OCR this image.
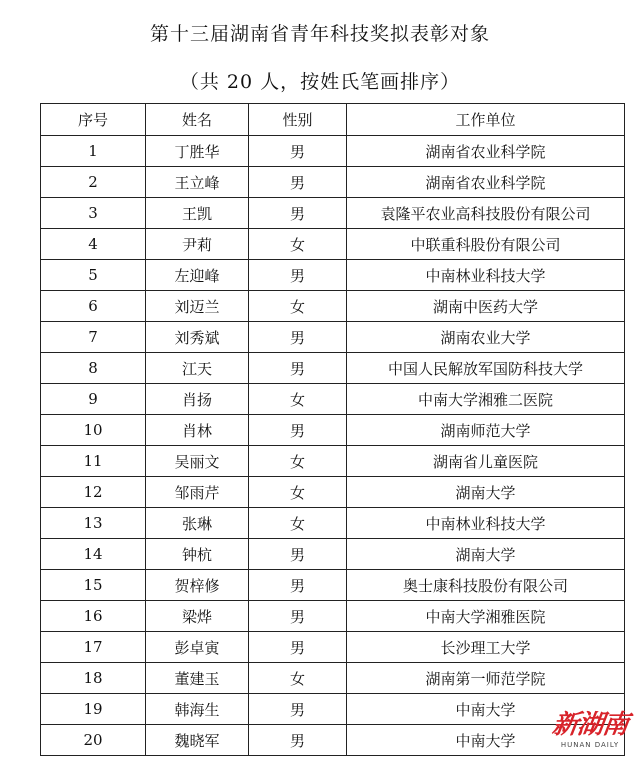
第十三届湖南省青年科技奖拟表彰对象
（共 20 人，按姓氏笔画排序）
序号	姓名	性别	工作单位
1	丁胜华	男	湖南省农业科学院
2	王立峰	男	湖南省农业科学院
3	王凯	男	袁隆平农业高科技股份有限公司
4	尹莉	女	中联重科股份有限公司
5	左迎峰	男	中南林业科技大学
6	刘迈兰	女	湖南中医药大学
7	刘秀斌	男	湖南农业大学
8	江天	男	中国人民解放军国防科技大学
9	肖扬	女	中南大学湘雅二医院
10	肖林	男	湖南师范大学
11	吴丽文	女	湖南省儿童医院
12	邹雨芹	女	湖南大学
13	张琳	女	中南林业科技大学
14	钟杭	男	湖南大学
15	贺梓修	男	奥士康科技股份有限公司
16	梁烨	男	中南大学湘雅医院
17	彭卓寅	男	长沙理工大学
18	董建玉	女	湖南第一师范学院
19	韩海生	男	中南大学
20	魏晓军	男	中南大学
新湖南
HUNAN DAILY
